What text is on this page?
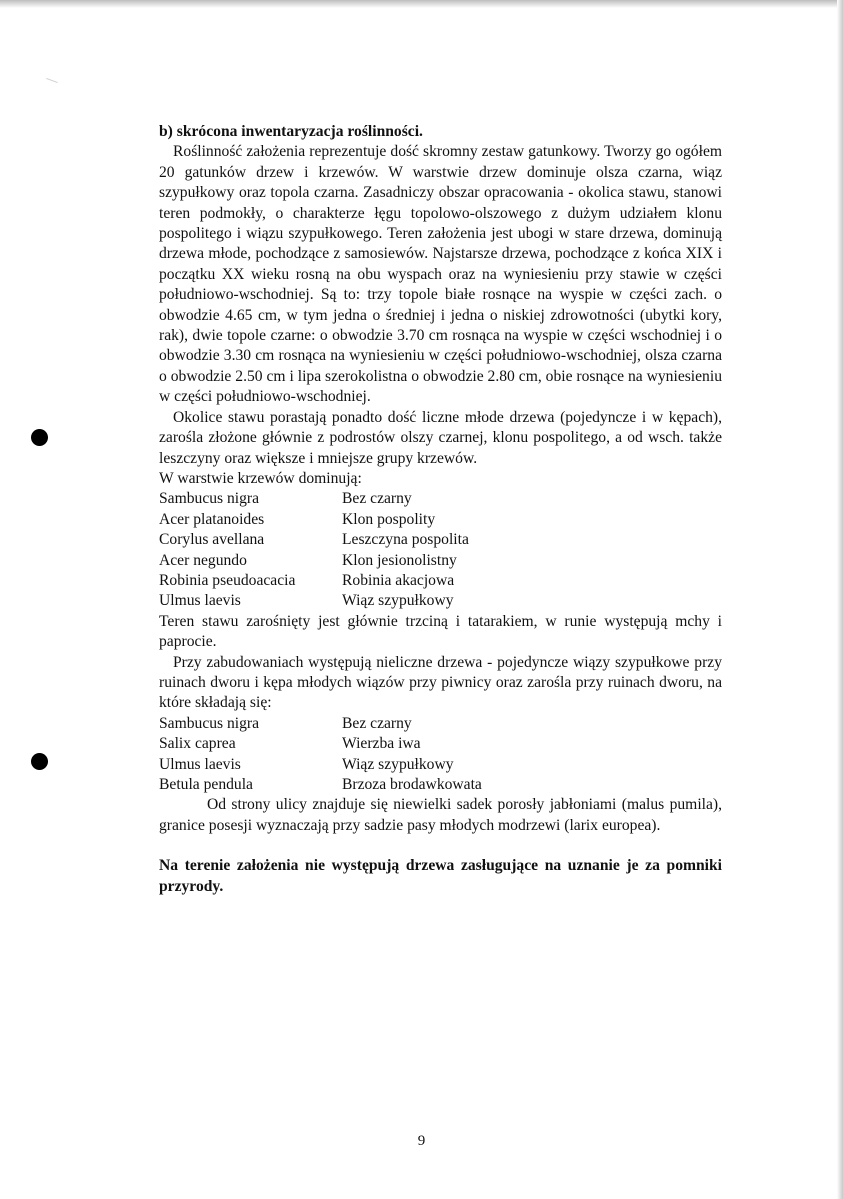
b) skrócona inwentaryzacja roślinności.

Roślinność założenia reprezentuje dość skromny zestaw gatunkowy. Tworzy go ogółem 20 gatunków drzew i krzewów. W warstwie drzew dominuje olsza czarna, wiąz szypułkowy oraz topola czarna. Zasadniczy obszar opracowania - okolica stawu, stanowi teren podmokły, o charakterze łęgu topolowo-olszowego z dużym udziałem klonu pospolitego i wiązu szypułkowego. Teren założenia jest ubogi w stare drzewa, dominują drzewa młode, pochodzące z samosiewów. Najstarsze drzewa, pochodzące z końca XIX i początku XX wieku rosną na obu wyspach oraz na wyniesieniu przy stawie w części południowo-wschodniej. Są to: trzy topole białe rosnące na wyspie w części zach. o obwodzie 4.65 cm, w tym jedna o średniej i jedna o niskiej zdrowotności (ubytki kory, rak), dwie topole czarne: o obwodzie 3.70 cm rosnąca na wyspie w części wschodniej i o obwodzie 3.30 cm rosnąca na wyniesieniu w części południowo-wschodniej, olsza czarna o obwodzie 2.50 cm i lipa szerokolistna o obwodzie 2.80 cm, obie rosnące na wyniesieniu w części południowo-wschodniej.

Okolice stawu porastają ponadto dość liczne młode drzewa (pojedyncze i w kępach), zarośla złożone głównie z podrostów olszy czarnej, klonu pospolitego, a od wsch. także leszczyny oraz większe i mniejsze grupy krzewów.

W warstwie krzewów dominują:

Sambucus nigra	Bez czarny
Acer platanoides	Klon pospolity
Corylus avellana	Leszczyna pospolita
Acer negundo	Klon jesionolistny
Robinia pseudoacacia	Robinia akacjowa
Ulmus laevis	Wiąz szypułkowy

Teren stawu zarośnięty jest głównie trzciną i tatarakiem, w runie występują mchy i paprocie.

Przy zabudowaniach występują nieliczne drzewa - pojedyncze wiązy szypułkowe przy ruinach dworu i kępa młodych wiązów przy piwnicy oraz zarośla przy ruinach dworu, na które składają się:

Sambucus nigra	Bez czarny
Salix caprea	Wierzba iwa
Ulmus laevis	Wiąz szypułkowy
Betula pendula	Brzoza brodawkowata

Od strony ulicy znajduje się niewielki sadek porosły jabłoniami (malus pumila), granice posesji wyznaczają przy sadzie pasy młodych modrzewi (larix europea).

Na terenie założenia nie występują drzewa zasługujące na uznanie je za pomniki przyrody.

9
